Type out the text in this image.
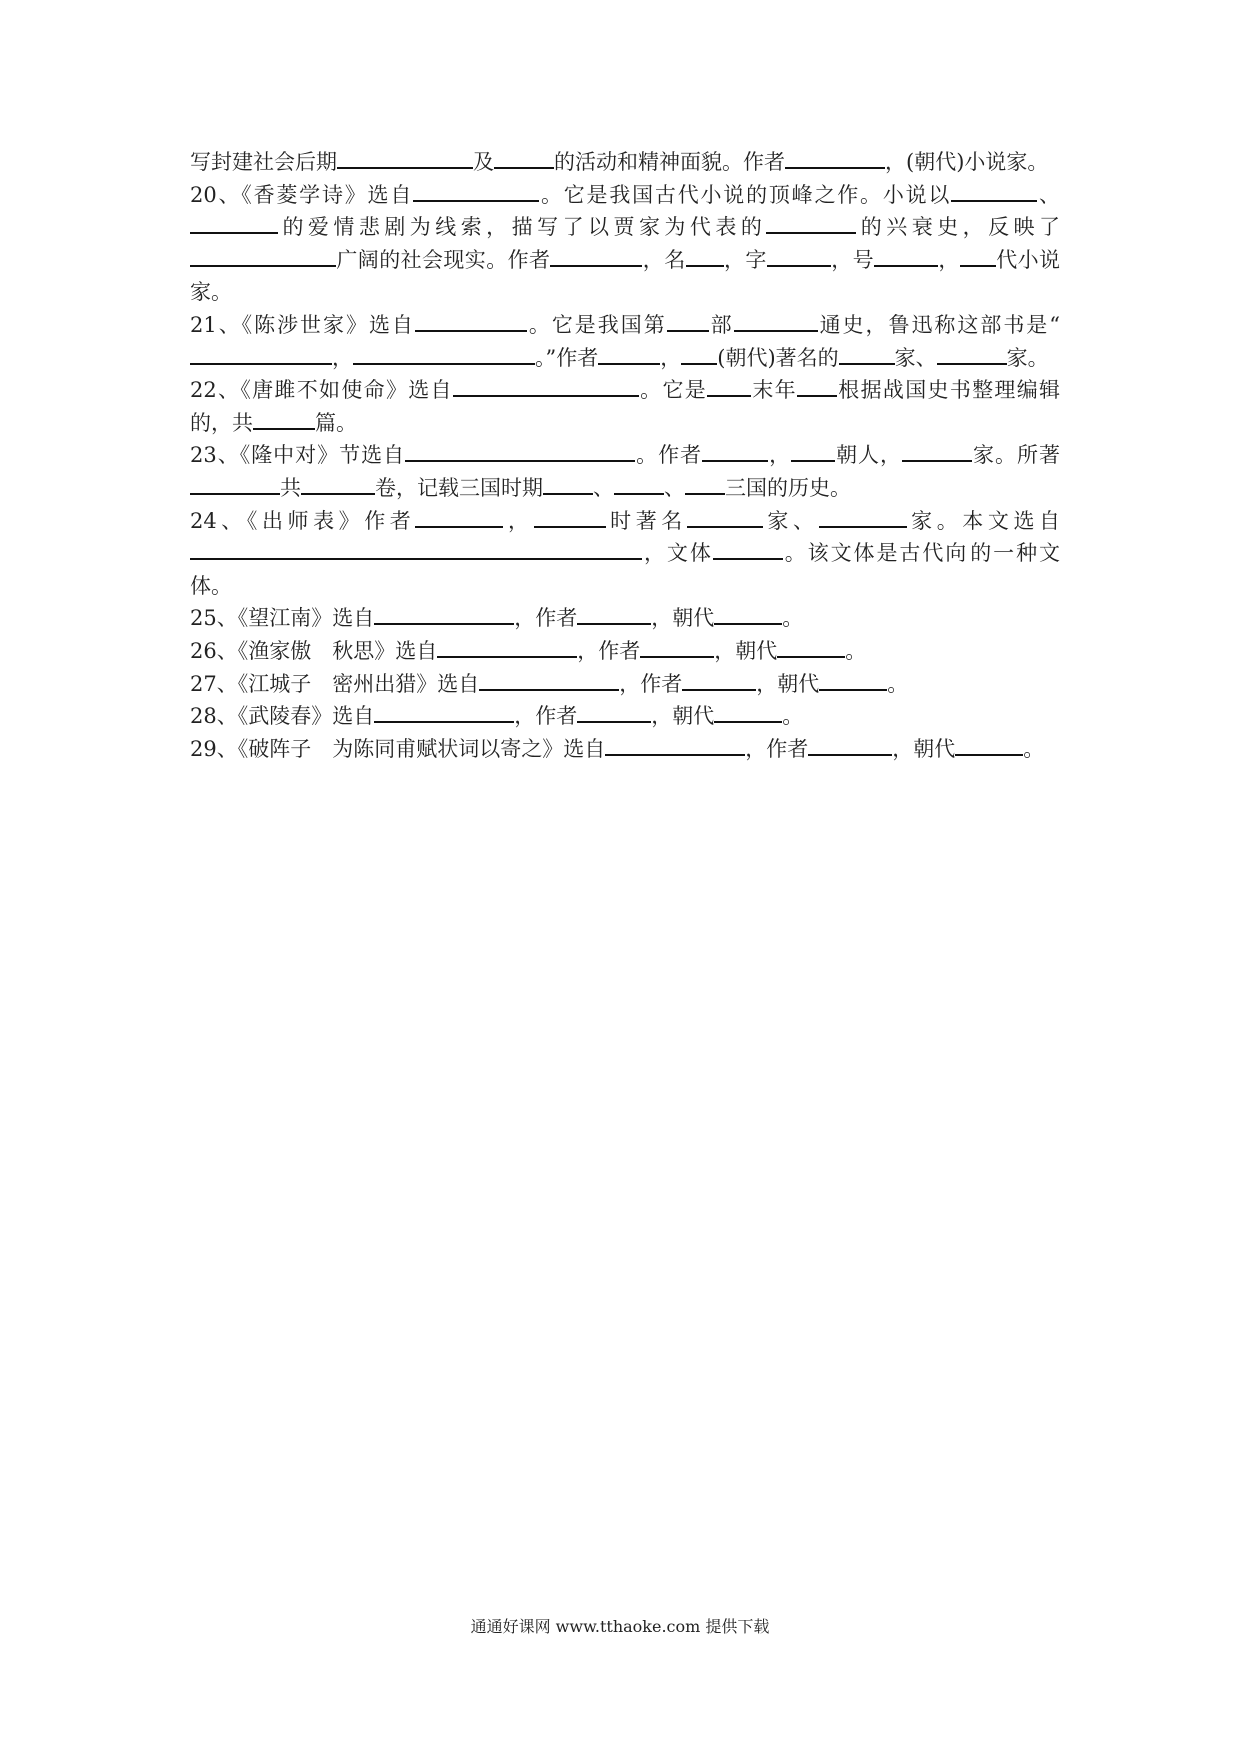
写封建社会后期	及	的活动和精神面貌。作者	，(朝代)小说家。
20、《香菱学诗》选自	。它是我国古代小说的顶峰之作。小说以	、的爱情悲剧为线索，描写了以贾家为代表的	的兴衰史，反映了广阔的社会现实。作者	，名 ，字	，号	， 代小说家。
21、《陈涉世家》选自	。它是我国第 部	通史，鲁迅称这部书是“，	。”作者	， (朝代)著名的	家、	家。
22、《唐雎不如使命》选自	。它是 末年 根据战国史书整理编辑的，共	篇。
23、《隆中对》节选自	。作者	， 朝人，	家。所著共	卷，记载三国时期 、 、 三国的历史。
24、《出师表》作者	，	时著名	家、	家。本文选自，文体	。该文体是古代向的一种文体。
25、《望江南》选自	，作者	，朝代	。
26、《渔家傲　秋思》选自	，作者	，朝代	。
27、《江城子　密州出猎》选自	，作者	，朝代	。
28、《武陵春》选自	，作者	，朝代	。
29、《破阵子　为陈同甫赋状词以寄之》选自	，作者	，朝代	。
通通好课网 www.tthaoke.com 提供下载
